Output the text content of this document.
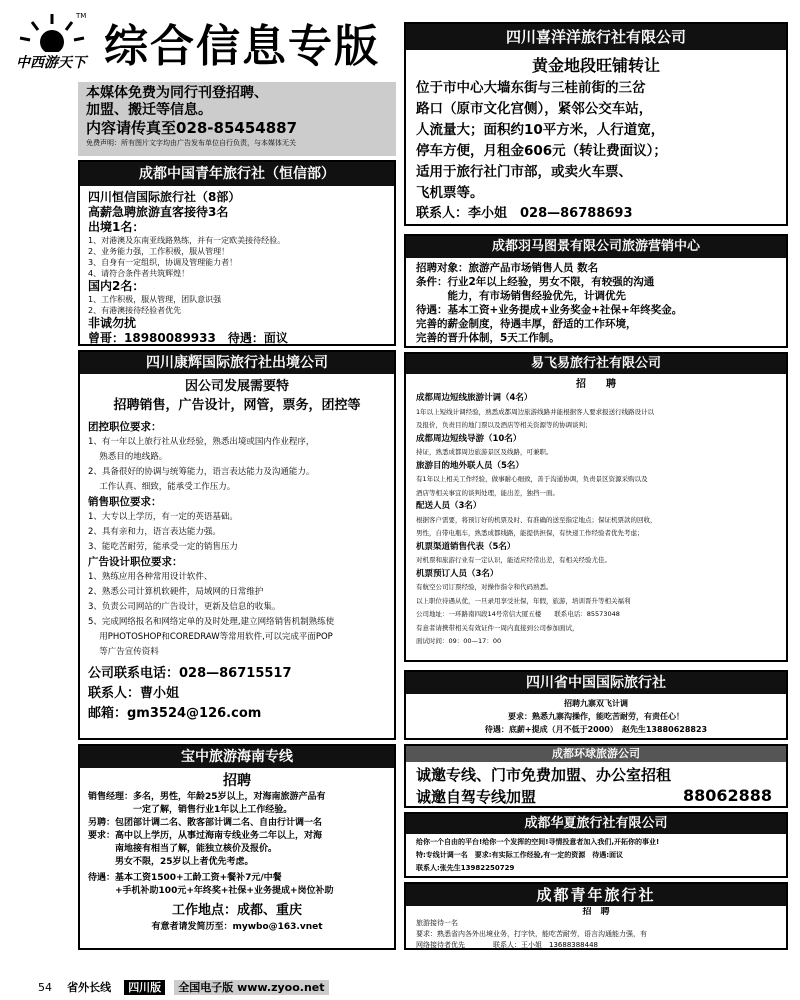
中西游天下
TM
综合信息专版
本媒体免费为同行刊登招聘、
加盟、搬迁等信息。
内容请传真至028-85454887
免费声明：所有图片文字均由广告发布单位自行负责，与本媒体无关
成都中国青年旅行社（恒信部）
四川恒信国际旅行社（8部）
高薪急聘旅游直客接待3名
出境1名：
1、对港澳及东南亚线路熟练，并有一定欧美接待经验。
2、业务能力强，工作积极，服从管理！
3、自身有一定组织，协调及管理能力者！
4、请符合条件者共筑辉煌！
国内2名：
1、工作积极，服从管理，团队意识强
2、有港澳接待经验者优先
非诚勿扰
曾哥：18980089933　待遇：面议
四川康辉国际旅行社出境公司
因公司发展需要特
招聘销售，广告设计，网管，票务，团控等
团控职位要求：
1、有一年以上旅行社从业经验，熟悉出境或国内作业程序，
　 熟悉目的地线路。
2、具备很好的协调与统筹能力，语言表达能力及沟通能力。
　 工作认真、细致，能承受工作压力。
销售职位要求：
1、大专以上学历，有一定的英语基础。
2、具有亲和力，语言表达能力强。
3、能吃苦耐劳，能承受一定的销售压力
广告设计职位要求：
1、熟练应用各种常用设计软件、
2、熟悉公司计算机软硬件，局域网的日常维护
3、负责公司网站的广告设计，更新及信息的收集。
5、完成网络报名和网络定单的及时处理,建立网络销售机制熟练使
　 用PHOTOSHOP和COREDRAW等常用软件,可以完成平面POP
　 等广告宣传资料
公司联系电话：028—86715517
联系人：曹小姐
邮箱：gm3524@126.com
宝中旅游海南专线
招聘
销售经理：多名，男性，年龄25岁以上，对海南旅游产品有
　　　　　一定了解，销售行业1年以上工作经验。
另聘：包团部计调二名、散客部计调二名、自由行计调一名
要求：高中以上学历，从事过海南专线业务二年以上，对海
　　　南地接有相当了解，能独立核价及报价。
　　　男女不限，25岁以上者优先考虑。
待遇：基本工资1500+工龄工资+餐补7元/中餐
　　　+手机补助100元+年终奖+社保+业务提成+岗位补助
工作地点：成都、重庆
有意者请发简历至：mywbo@163.vnet
四川喜洋洋旅行社有限公司
黄金地段旺铺转让
位于市中心大墙东街与三桂前街的三岔
路口（原市文化宫侧），紧邻公交车站，
人流量大；面积约10平方米，人行道宽，
停车方便，月租金606元（转让费面议）；
适用于旅行社门市部，或卖火车票、
飞机票等。
联系人：李小姐　028—86788693
成都羽马图景有限公司旅游营销中心
招聘对象：旅游产品市场销售人员 数名
条件：行业2年以上经验，男女不限，有较强的沟通
　　　能力，有市场销售经验优先，计调优先
待遇：基本工资+业务提成+业务奖金+社保+年终奖金。
完善的薪金制度，待遇丰厚，舒适的工作环境，
完善的晋升体制，5天工作制。
易飞易旅行社有限公司
招　　聘
成都周边短线旅游计调（4名）
1年以上短线计调经验，熟悉成都周边旅游线路并能根据客人要求报送行线路设计以
及报价，负责目的地门票以及酒店等相关资源等的协调谈判；
成都周边短线导游（10名）
持证，熟悉成都周边旅游景区及线路，可兼职。
旅游目的地外联人员（5名）
有1年以上相关工作经验，做事耐心细致，善于沟通协调，负责景区资源采购以及
酒店等相关事宜的谈判处理，能出差，独挡一面。
配送人员（3名）
根据客户需要，将预订好的机票及时、有准确的送至指定地点；保证机票款的回收，
男性，自带电瓶车，熟悉成都线路，能提供担保，有快递工作经验者优先考虑；
机票渠道销售代表（5名）
对机票和旅游行业有一定认识，能适应经常出差，有相关经验尤佳。
机票预订人员（3名）
有航空公司订票经验，对操作指令和代码熟悉。
以上职位待遇从优，一旦录用享受社保，年假，旅游，培训晋升等相关福利
公司地址：一环路南四段14号常信大厦五楼　　联系电话：85573048
有意者请携带相关有效证件一周内直接到公司参加面试，
面试时间：09：00—17：00
四川省中国国际旅行社
招聘九寨双飞计调
要求：熟悉九寨沟操作，能吃苦耐劳，有责任心！
待遇：底薪+提成（月不低于2000）　赵先生13880628823
成都环球旅游公司
诚邀专线、门市免费加盟、办公室招租
诚邀自驾专线加盟	88062888
成都华夏旅行社有限公司
给你一个自由的平台!给你一个发挥的空间!寻情投意者加入我们,开拓你的事业!
特:专线计调一名　要求:有实际工作经验,有一定的资源　待遇:面议
联系人:张先生13982250729
成都青年旅行社
招　聘
旅游接待一名
要求：熟悉省内各外出境业务，打字快，能吃苦耐劳，语言沟通能力强，有
网络接待者优先　　　　联系人：王小姐　13688388448
54 省外长线 四川版 全国电子版 www.zyoo.net
